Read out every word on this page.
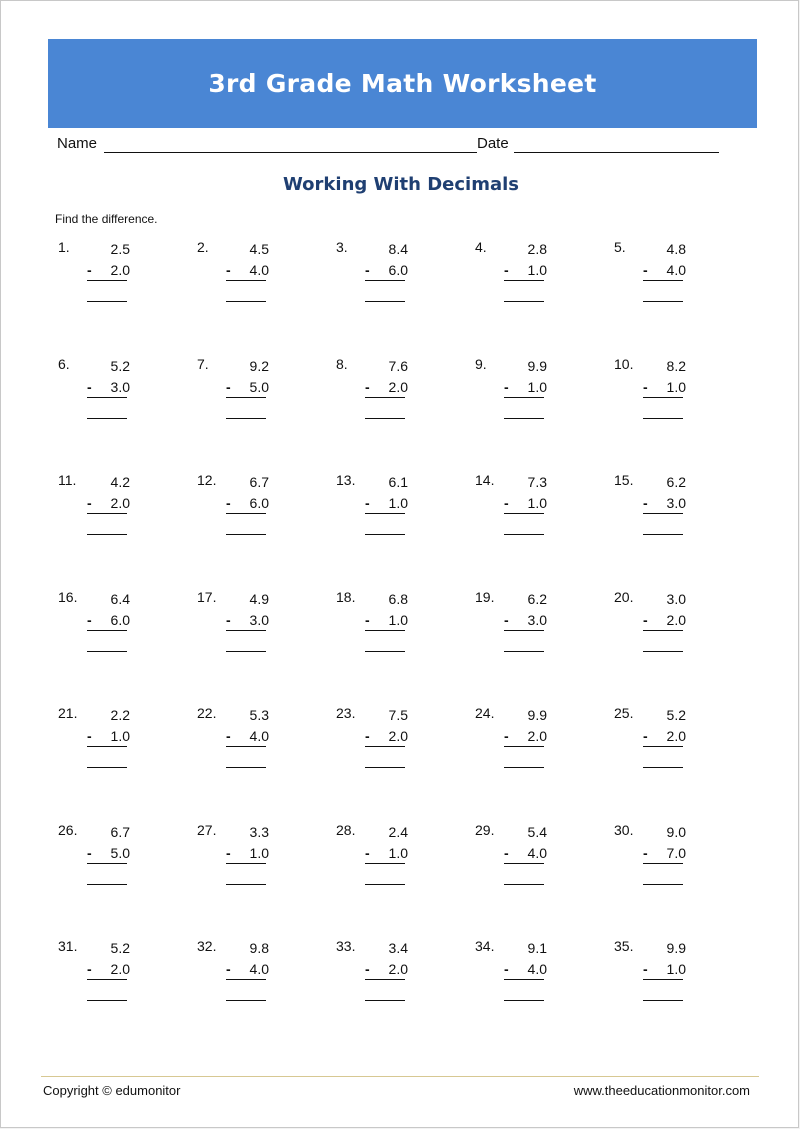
3rd Grade Math Worksheet
Name	Date
Working With Decimals
Find the difference.
1.	2.5
-	2.0
2.	4.5
-	4.0
3.	8.4
-	6.0
4.	2.8
-	1.0
5.	4.8
-	4.0
6.	5.2
-	3.0
7.	9.2
-	5.0
8.	7.6
-	2.0
9.	9.9
-	1.0
10.	8.2
-	1.0
11.	4.2
-	2.0
12.	6.7
-	6.0
13.	6.1
-	1.0
14.	7.3
-	1.0
15.	6.2
-	3.0
16.	6.4
-	6.0
17.	4.9
-	3.0
18.	6.8
-	1.0
19.	6.2
-	3.0
20.	3.0
-	2.0
21.	2.2
-	1.0
22.	5.3
-	4.0
23.	7.5
-	2.0
24.	9.9
-	2.0
25.	5.2
-	2.0
26.	6.7
-	5.0
27.	3.3
-	1.0
28.	2.4
-	1.0
29.	5.4
-	4.0
30.	9.0
-	7.0
31.	5.2
-	2.0
32.	9.8
-	4.0
33.	3.4
-	2.0
34.	9.1
-	4.0
35.	9.9
-	1.0
Copyright © edumonitor	www.theeducationmonitor.com
